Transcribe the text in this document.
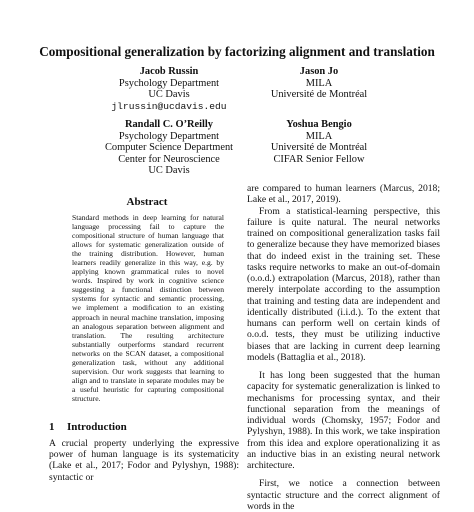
Compositional generalization by factorizing alignment and translation
Jacob Russin
Psychology Department
UC Davis
jlrussin@ucdavis.edu
Jason Jo
MILA
Université de Montréal
Randall C. O’Reilly
Psychology Department
Computer Science Department
Center for Neuroscience
UC Davis
Yoshua Bengio
MILA
Université de Montréal
CIFAR Senior Fellow
Abstract

Standard methods in deep learning for natural language processing fail to capture the compositional structure of human language that allows for systematic generalization outside of the training distribution. However, human learners readily generalize in this way, e.g. by applying known grammatical rules to novel words. Inspired by work in cognitive science suggesting a functional distinction between systems for syntactic and semantic processing, we implement a modification to an existing approach in neural machine translation, imposing an analogous separation between alignment and translation. The resulting architecture substantially outperforms standard recurrent networks on the SCAN dataset, a compositional generalization task, without any additional supervision. Our work suggests that learning to align and to translate in separate modules may be a useful heuristic for capturing compositional structure.

1 Introduction

A crucial property underlying the expressive power of human language is its systematicity (Lake et al., 2017; Fodor and Pylyshyn, 1988): syntactic or

are compared to human learners (Marcus, 2018; Lake et al., 2017, 2019).

From a statistical-learning perspective, this failure is quite natural. The neural networks trained on compositional generalization tasks fail to generalize because they have memorized biases that do indeed exist in the training set. These tasks require networks to make an out-of-domain (o.o.d.) extrapolation (Marcus, 2018), rather than merely interpolate according to the assumption that training and testing data are independent and identically distributed (i.i.d.). To the extent that humans can perform well on certain kinds of o.o.d. tests, they must be utilizing inductive biases that are lacking in current deep learning models (Battaglia et al., 2018).

It has long been suggested that the human capacity for systematic generalization is linked to mechanisms for processing syntax, and their functional separation from the meanings of individual words (Chomsky, 1957; Fodor and Pylyshyn, 1988). In this work, we take inspiration from this idea and explore operationalizing it as an inductive bias in an existing neural network architecture.

First, we notice a connection between syntactic structure and the correct alignment of words in the
